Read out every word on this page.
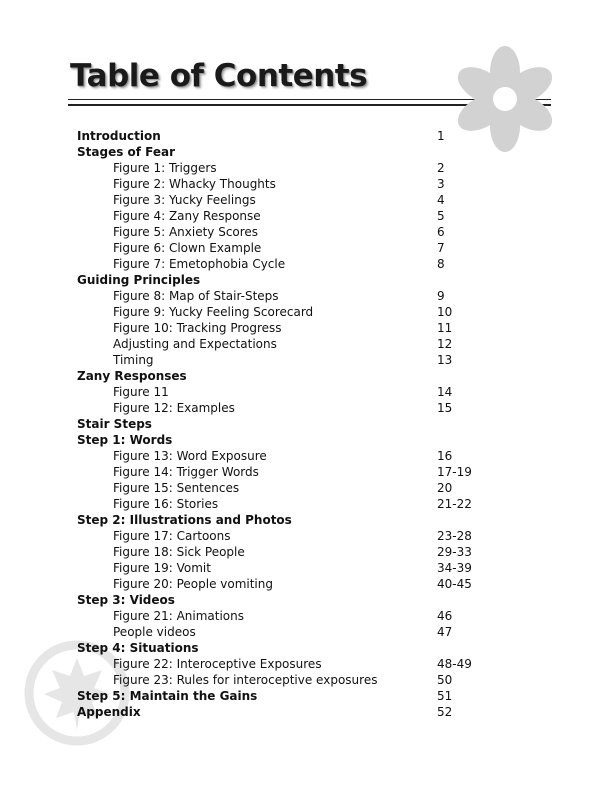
Table of Contents
Introduction	1
Stages of Fear
Figure 1: Triggers	2
Figure 2: Whacky Thoughts	3
Figure 3: Yucky Feelings	4
Figure 4: Zany Response	5
Figure 5: Anxiety Scores	6
Figure 6: Clown Example	7
Figure 7: Emetophobia Cycle	8
Guiding Principles
Figure 8: Map of Stair-Steps	9
Figure 9: Yucky Feeling Scorecard	10
Figure 10: Tracking Progress	11
Adjusting and Expectations	12
Timing	13
Zany Responses
Figure 11	14
Figure 12: Examples	15
Stair Steps
Step 1: Words
Figure 13: Word Exposure	16
Figure 14: Trigger Words	17-19
Figure 15: Sentences	20
Figure 16: Stories	21-22
Step 2: Illustrations and Photos
Figure 17: Cartoons	23-28
Figure 18: Sick People	29-33
Figure 19: Vomit	34-39
Figure 20: People vomiting	40-45
Step 3: Videos
Figure 21: Animations	46
People videos	47
Step 4: Situations
Figure 22: Interoceptive Exposures	48-49
Figure 23: Rules for interoceptive exposures	50
Step 5: Maintain the Gains	51
Appendix	52
